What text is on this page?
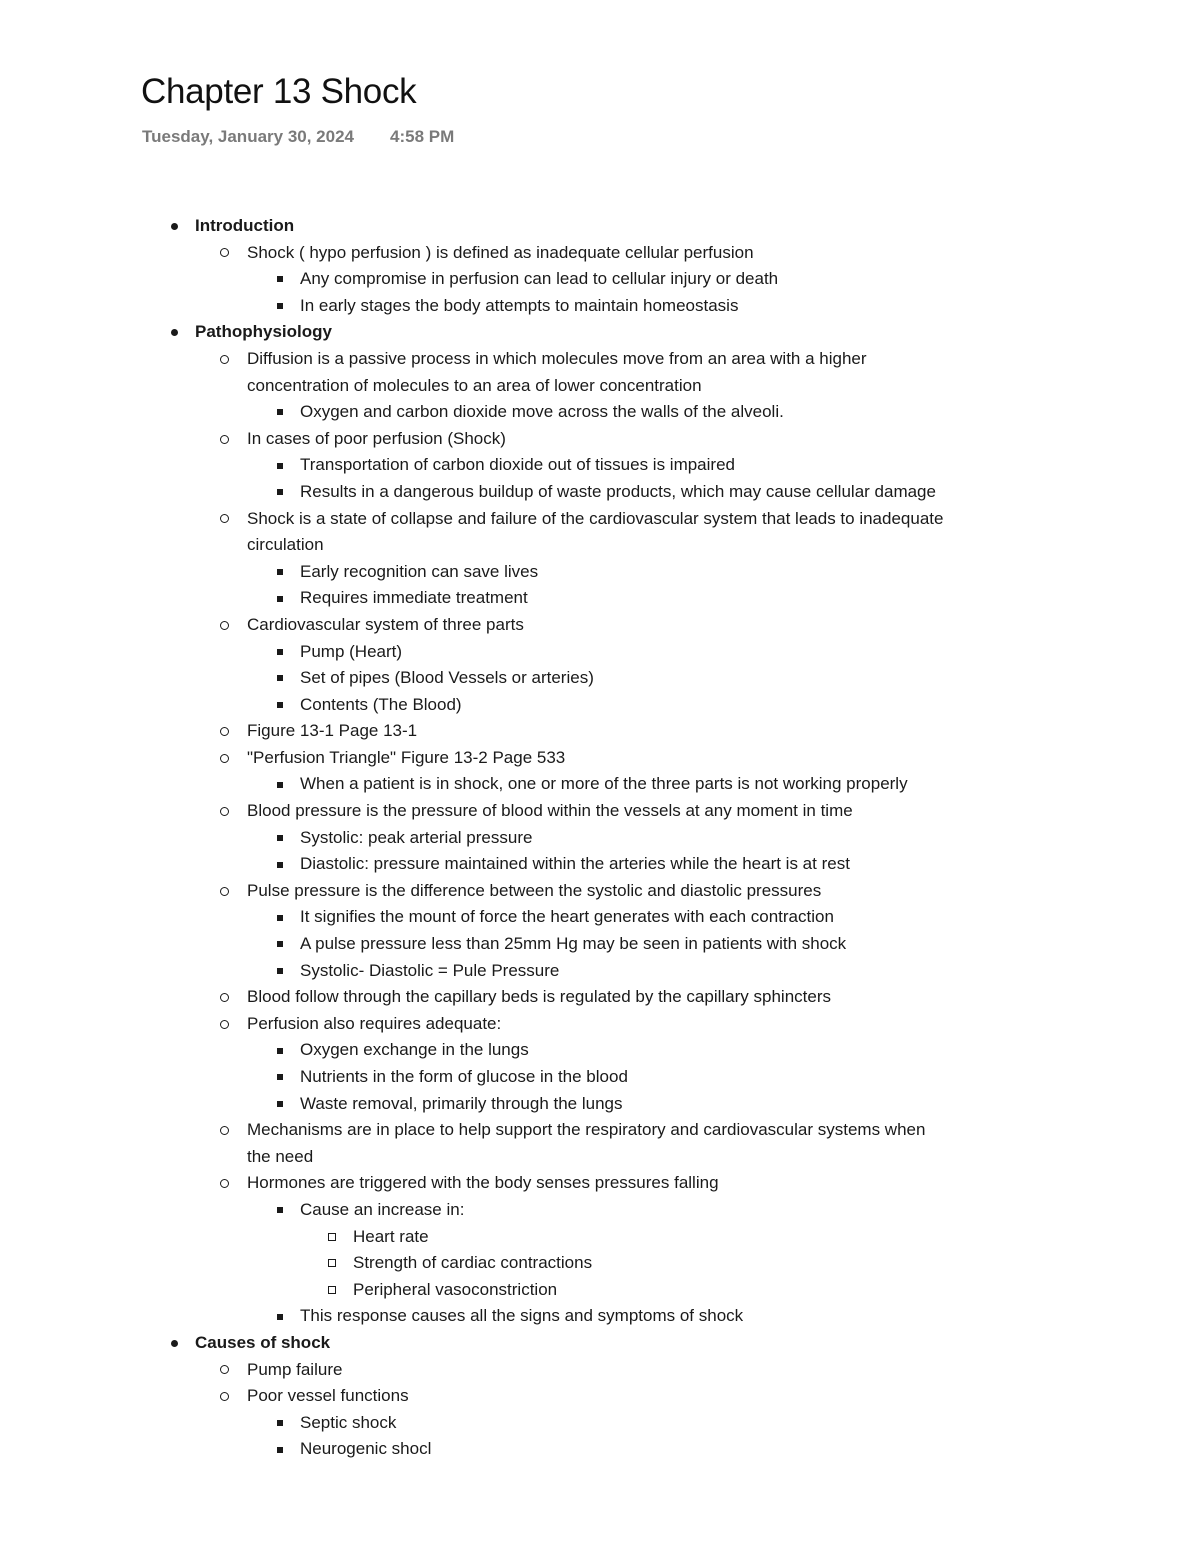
Chapter 13 Shock
Tuesday, January 30, 2024 4:58 PM
Introduction
Shock ( hypo perfusion ) is defined as inadequate cellular perfusion
Any compromise in perfusion can lead to cellular injury or death
In early stages the body attempts to maintain homeostasis
Pathophysiology
Diffusion is a passive process in which molecules move from an area with a higher
concentration of molecules to an area of lower concentration
Oxygen and carbon dioxide move across the walls of the alveoli.
In cases of poor perfusion (Shock)
Transportation of carbon dioxide out of tissues is impaired
Results in a dangerous buildup of waste products, which may cause cellular damage
Shock is a state of collapse and failure of the cardiovascular system that leads to inadequate
circulation
Early recognition can save lives
Requires immediate treatment
Cardiovascular system of three parts
Pump (Heart)
Set of pipes (Blood Vessels or arteries)
Contents (The Blood)
Figure 13-1 Page 13-1
"Perfusion Triangle" Figure 13-2 Page 533
When a patient is in shock, one or more of the three parts is not working properly
Blood pressure is the pressure of blood within the vessels at any moment in time
Systolic: peak arterial pressure
Diastolic: pressure maintained within the arteries while the heart is at rest
Pulse pressure is the difference between the systolic and diastolic pressures
It signifies the mount of force the heart generates with each contraction
A pulse pressure less than 25mm Hg may be seen in patients with shock
Systolic- Diastolic = Pule Pressure
Blood follow through the capillary beds is regulated by the capillary sphincters
Perfusion also requires adequate:
Oxygen exchange in the lungs
Nutrients in the form of glucose in the blood
Waste removal, primarily through the lungs
Mechanisms are in place to help support the respiratory and cardiovascular systems when
the need
Hormones are triggered with the body senses pressures falling
Cause an increase in:
Heart rate
Strength of cardiac contractions
Peripheral vasoconstriction
This response causes all the signs and symptoms of shock
Causes of shock
Pump failure
Poor vessel functions
Septic shock
Neurogenic shocl
